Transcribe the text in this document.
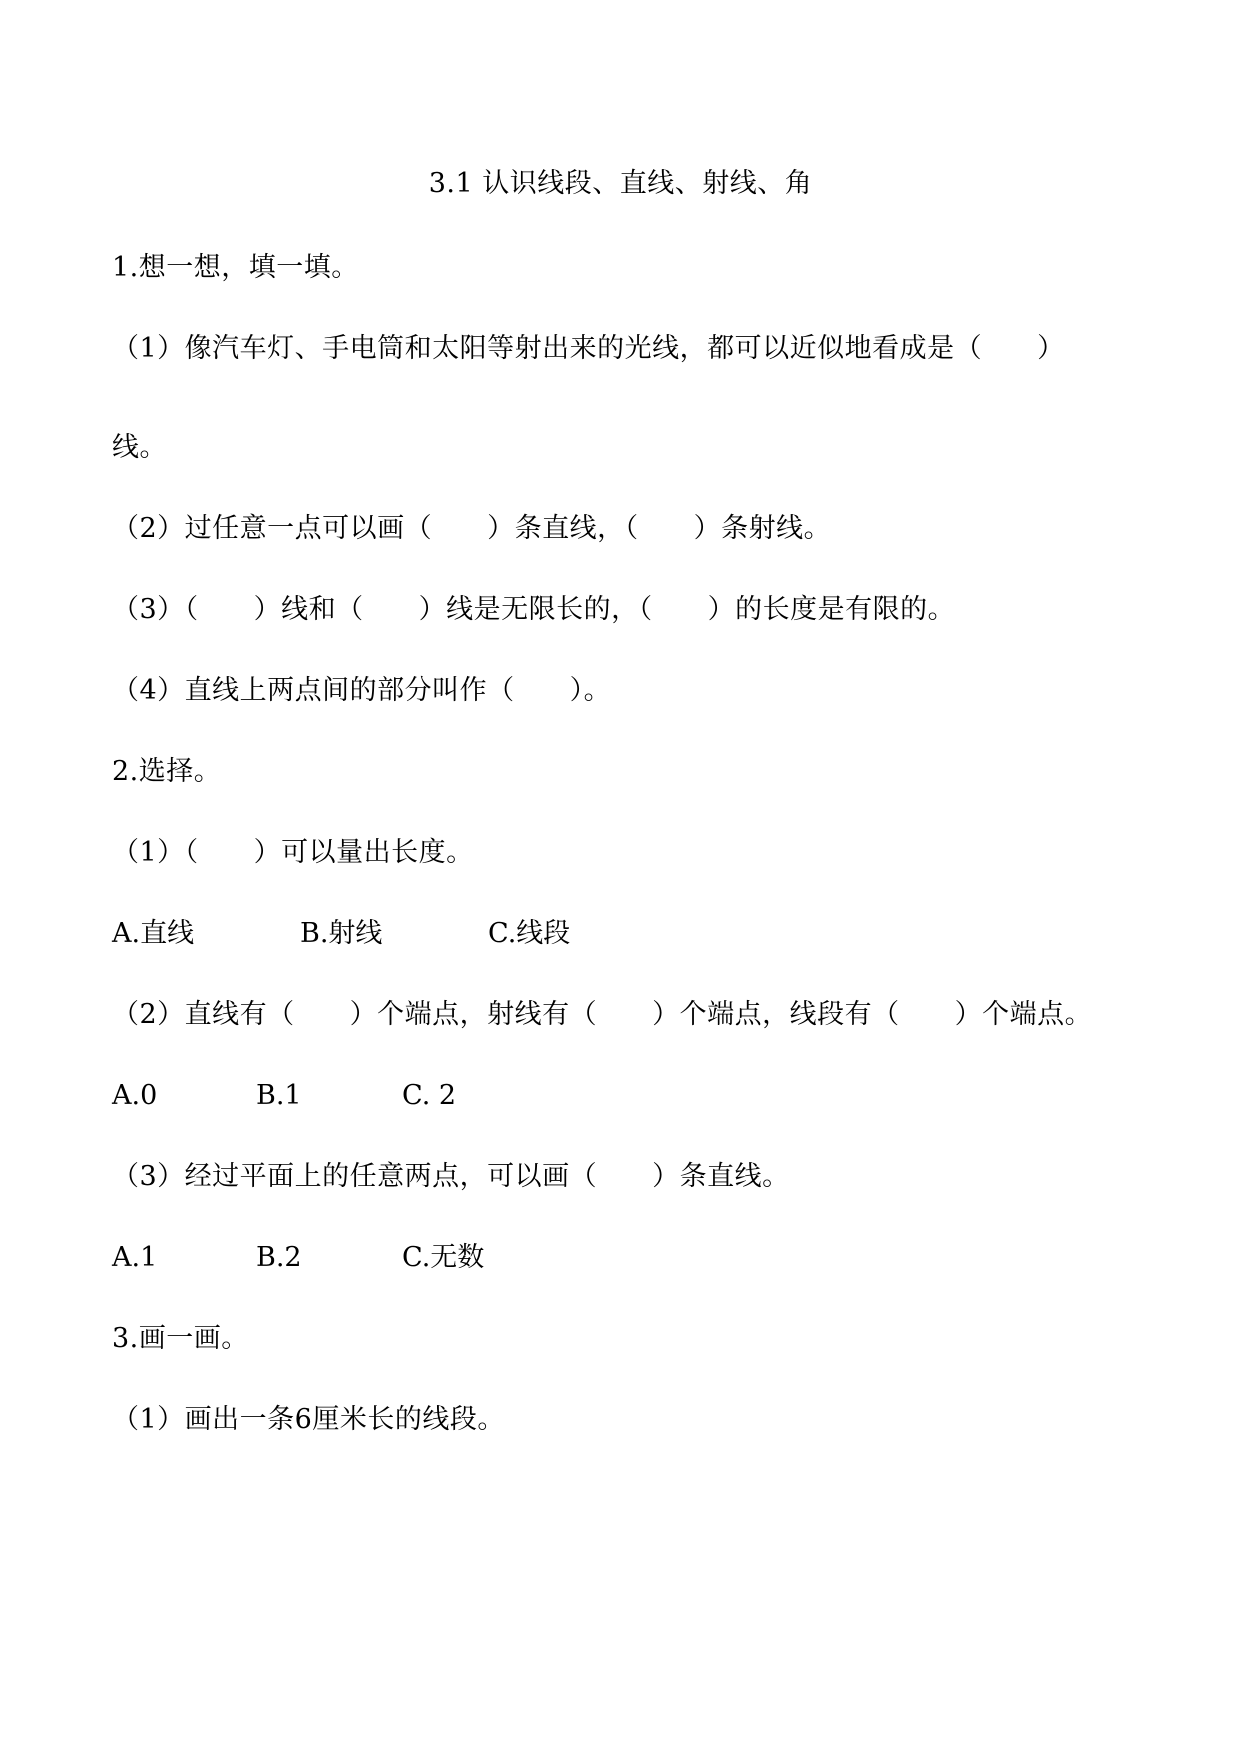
3.1 认识线段、直线、射线、角
1.想一想，填一填。
（1）像汽车灯、手电筒和太阳等射出来的光线，都可以近似地看成是（　　）
线。
（2）过任意一点可以画（　　）条直线，（　　）条射线。
（3）（　　）线和（　　）线是无限长的，（　　）的长度是有限的。
（4）直线上两点间的部分叫作（　　）。
2.选择。
（1）（　　）可以量出长度。
A.直线	B.射线	C.线段
（2）直线有（　　）个端点，射线有（　　）个端点，线段有（　　）个端点。
A.0	B.1	C. 2
（3）经过平面上的任意两点，可以画（　　）条直线。
A.1	B.2	C.无数
3.画一画。
（1）画出一条6厘米长的线段。
